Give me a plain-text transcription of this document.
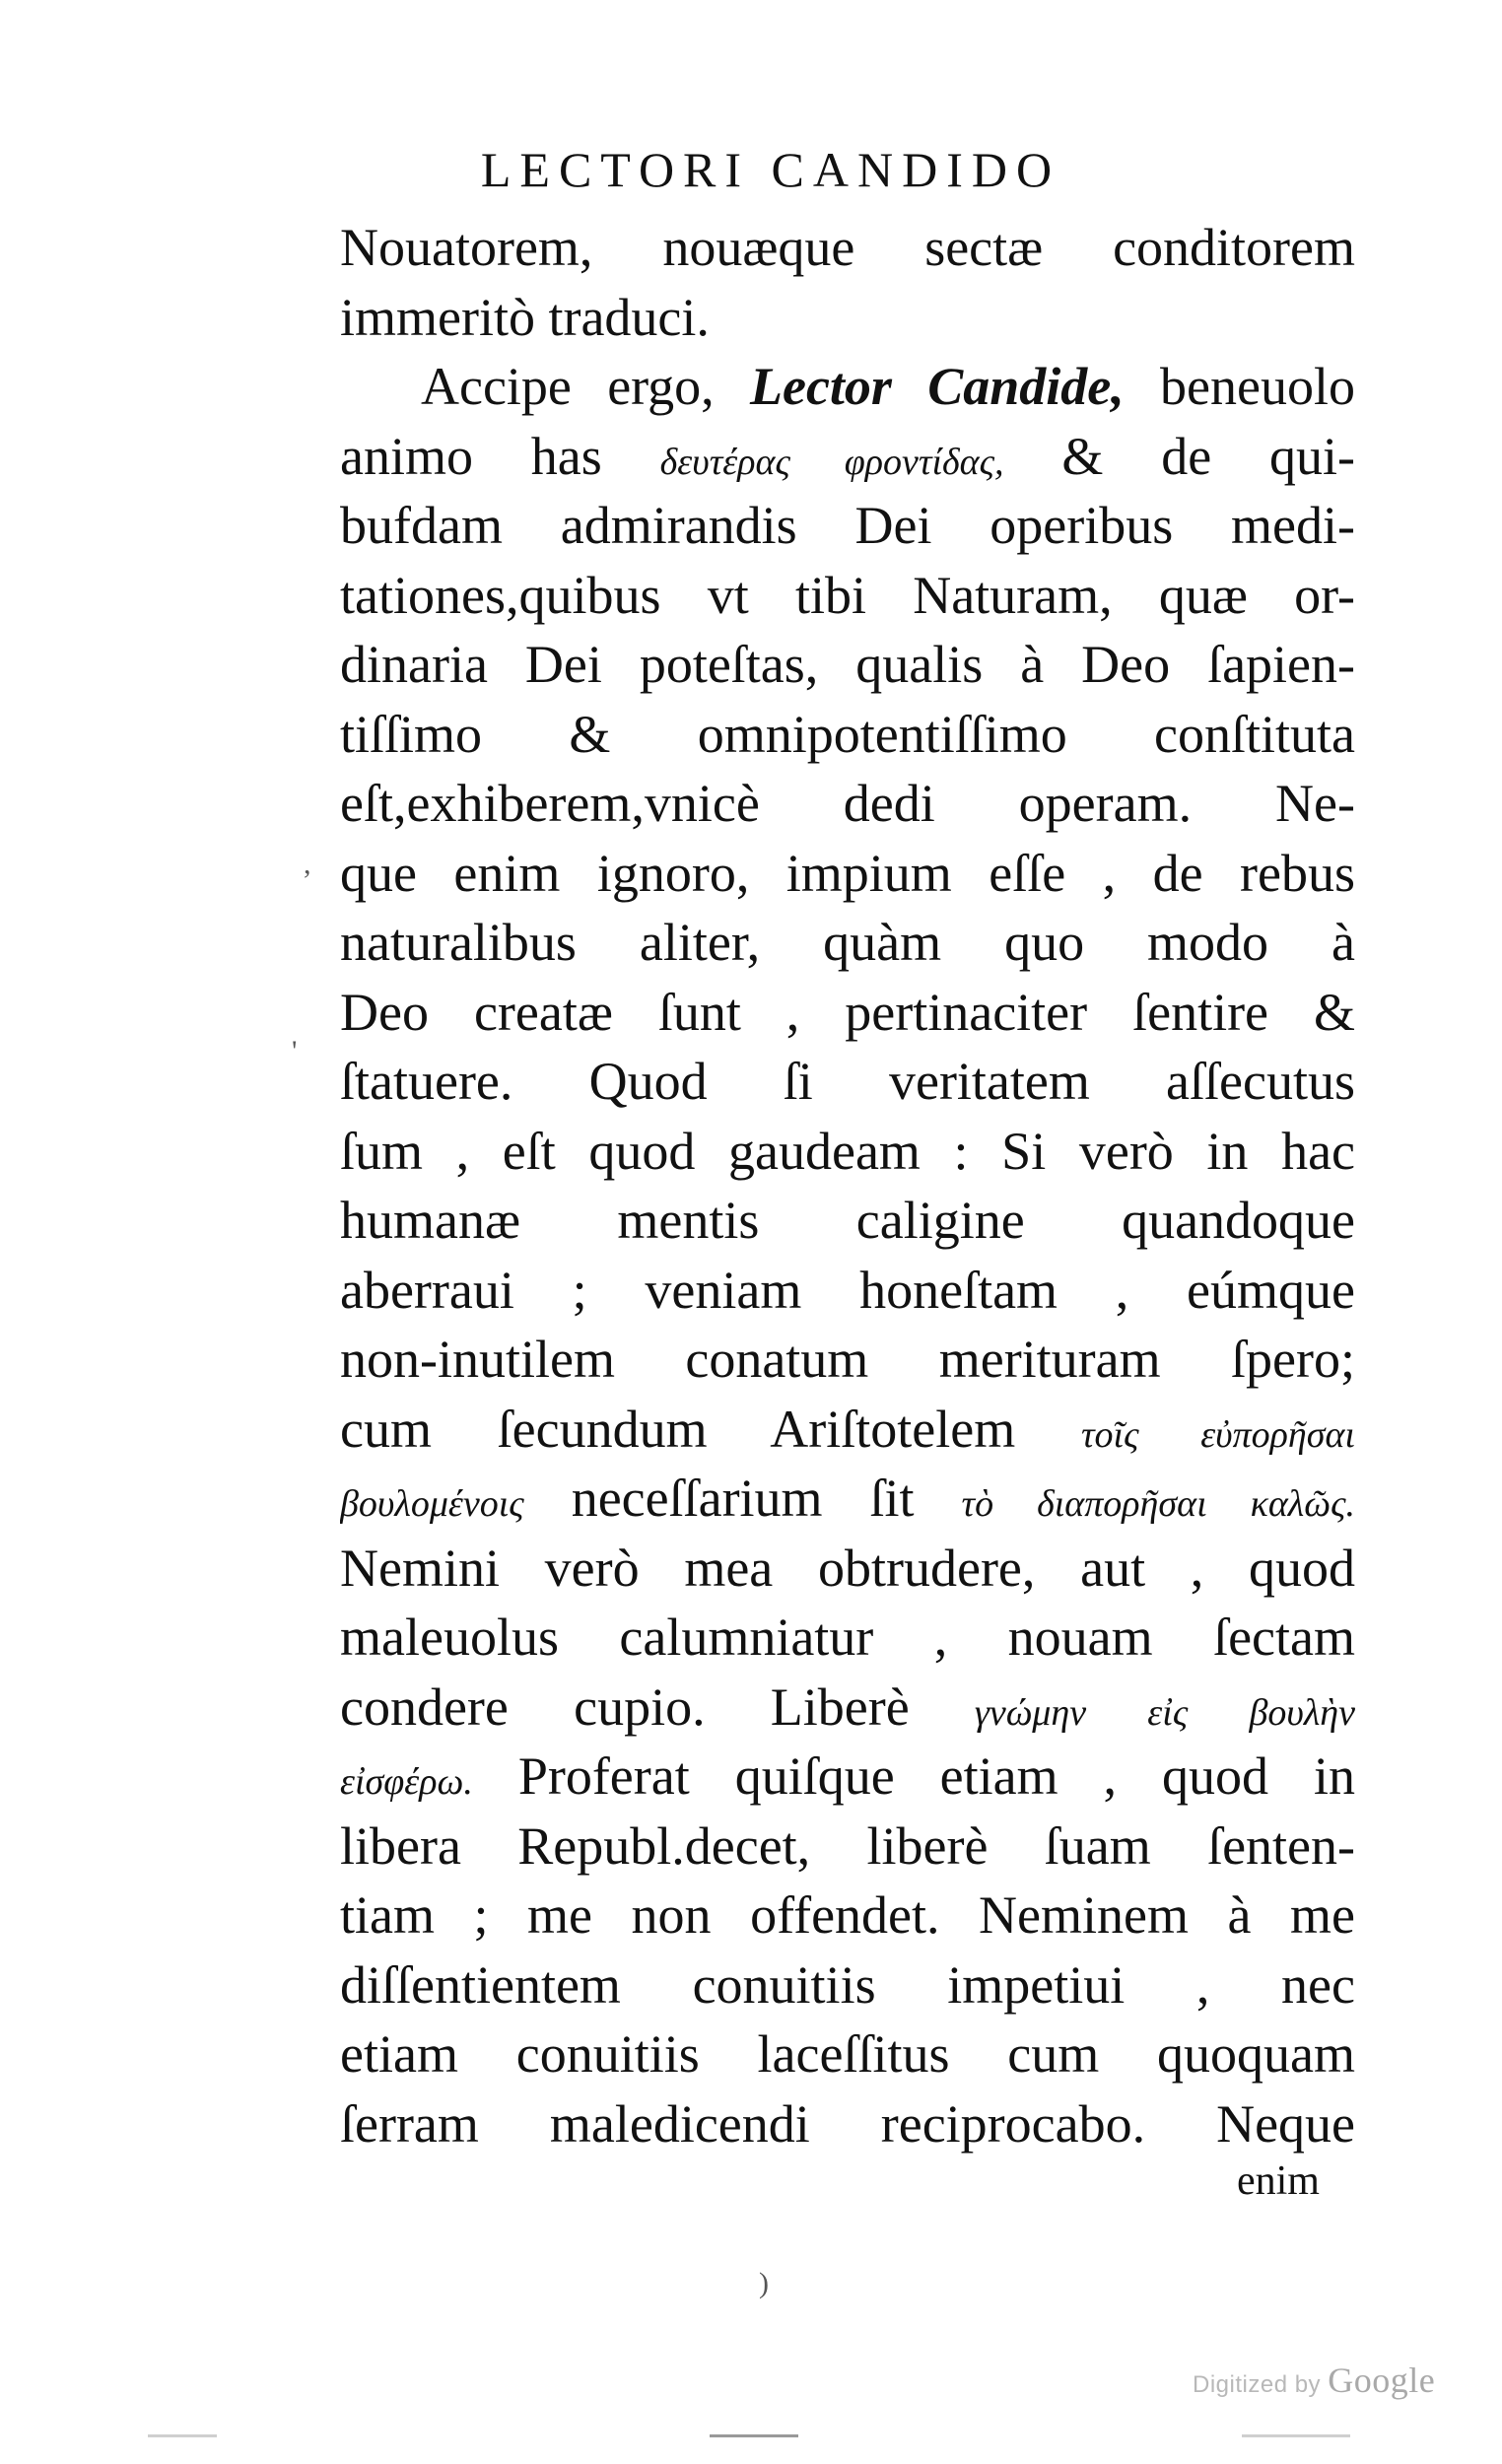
LECTORI CANDIDO
Nouatorem, nouæque sectæ conditorem
immeritò traduci.
Accipe ergo, Lector Candide, beneuolo
animo has δευτέρας φροντίδας, & de qui-
bufdam admirandis Dei operibus medi-
tationes,quibus vt tibi Naturam, quæ or-
dinaria Dei poteſtas, qualis à Deo ſapien-
tiſſimo & omnipotentiſſimo conſtituta
eſt,exhiberem,vnicè dedi operam. Ne-
que enim ignoro, impium eſſe , de rebus
naturalibus aliter, quàm quo modo à
Deo creatæ ſunt , pertinaciter ſentire &
ſtatuere. Quod ſi veritatem aſſecutus
ſum , eſt quod gaudeam : Si verò in hac
humanæ mentis caligine quandoque
aberraui ; veniam honeſtam , eúmque
non-inutilem conatum merituram ſpero;
cum ſecundum Ariſtotelem τοῖς εὐπορῆσαι
βουλομένοις neceſſarium ſit τὸ διαπορῆσαι καλῶς.
Nemini verò mea obtrudere, aut , quod
maleuolus calumniatur , nouam ſectam
condere cupio. Liberè γνώμην εἰς βουλὴν
εἰσφέρω. Proferat quiſque etiam , quod in
libera Republ.decet, liberè ſuam ſenten-
tiam ; me non offendet. Neminem à me
diſſentientem conuitiis impetiui , nec
etiam conuitiis laceſſitus cum quoquam
ſerram maledicendi reciprocabo. Neque
enim
,
'
)
Digitized by Google
